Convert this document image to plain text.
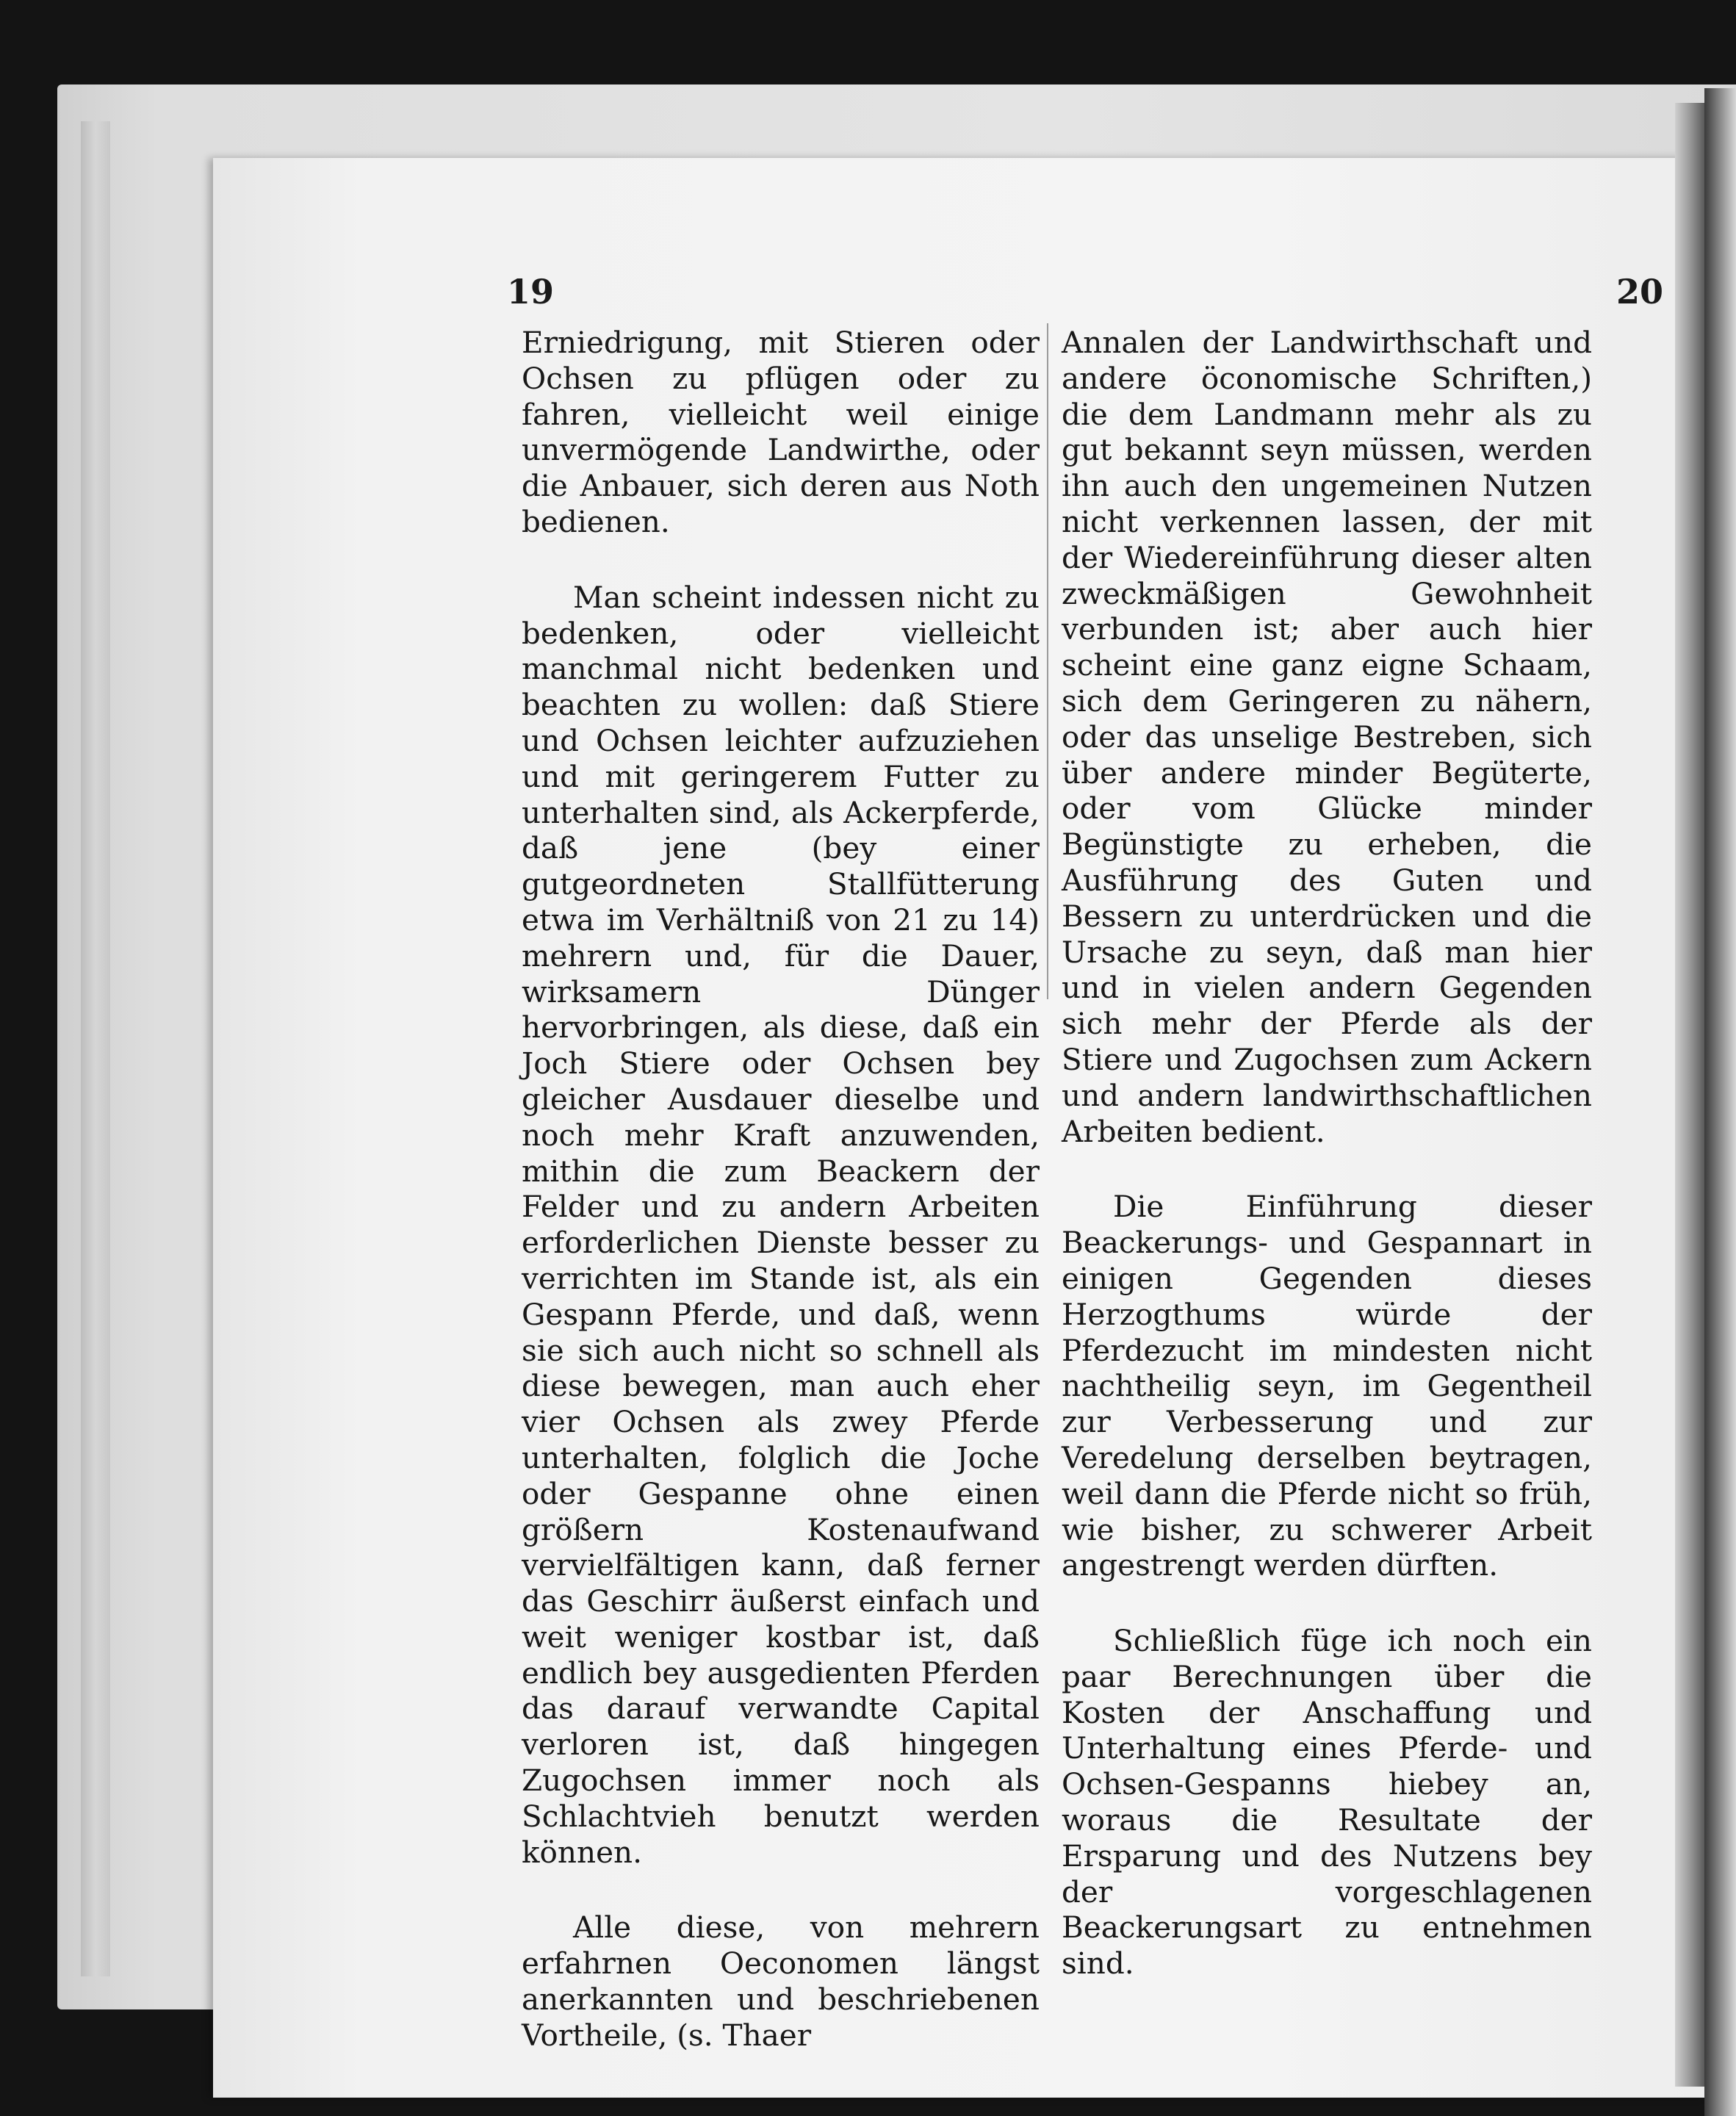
19	20

Erniedrigung, mit Stieren oder Ochsen zu pflügen oder zu fahren, vielleicht weil einige unvermögende Landwirthe, oder die Anbauer, sich deren aus Noth bedienen.

Man scheint indessen nicht zu bedenken, oder vielleicht manchmal nicht bedenken und beachten zu wollen: daß Stiere und Ochsen leichter aufzuziehen und mit geringerem Futter zu unterhalten sind, als Ackerpferde, daß jene (bey einer gutgeordneten Stallfütterung etwa im Verhältniß von 21 zu 14) mehrern und, für die Dauer, wirksamern Dünger hervorbringen, als diese, daß ein Joch Stiere oder Ochsen bey gleicher Ausdauer dieselbe und noch mehr Kraft anzuwenden, mithin die zum Beackern der Felder und zu andern Arbeiten erforderlichen Dienste besser zu verrichten im Stande ist, als ein Gespann Pferde, und daß, wenn sie sich auch nicht so schnell als diese bewegen, man auch eher vier Ochsen als zwey Pferde unterhalten, folglich die Joche oder Gespanne ohne einen größern Kostenaufwand vervielfältigen kann, daß ferner das Geschirr äußerst einfach und weit weniger kostbar ist, daß endlich bey ausgedienten Pferden das darauf verwandte Capital verloren ist, daß hingegen Zugochsen immer noch als Schlachtvieh benutzt werden können.

Alle diese, von mehrern erfahrnen Oeconomen längst anerkannten und beschriebenen Vortheile, (s. Thaer

Annalen der Landwirthschaft und andere öconomische Schriften,) die dem Landmann mehr als zu gut bekannt seyn müssen, werden ihn auch den ungemeinen Nutzen nicht verkennen lassen, der mit der Wiedereinführung dieser alten zweckmäßigen Gewohnheit verbunden ist; aber auch hier scheint eine ganz eigne Schaam, sich dem Geringeren zu nähern, oder das unselige Bestreben, sich über andere minder Begüterte, oder vom Glücke minder Begünstigte zu erheben, die Ausführung des Guten und Bessern zu unterdrücken und die Ursache zu seyn, daß man hier und in vielen andern Gegenden sich mehr der Pferde als der Stiere und Zugochsen zum Ackern und andern landwirthschaftlichen Arbeiten bedient.

Die Einführung dieser Beackerungs- und Gespannart in einigen Gegenden dieses Herzogthums würde der Pferdezucht im mindesten nicht nachtheilig seyn, im Gegentheil zur Verbesserung und zur Veredelung derselben beytragen, weil dann die Pferde nicht so früh, wie bisher, zu schwerer Arbeit angestrengt werden dürften.

Schließlich füge ich noch ein paar Berechnungen über die Kosten der Anschaffung und Unterhaltung eines Pferde- und Ochsen-Gespanns hiebey an, woraus die Resultate der Ersparung und des Nutzens bey der vorgeschlagenen Beackerungsart zu entnehmen sind.
